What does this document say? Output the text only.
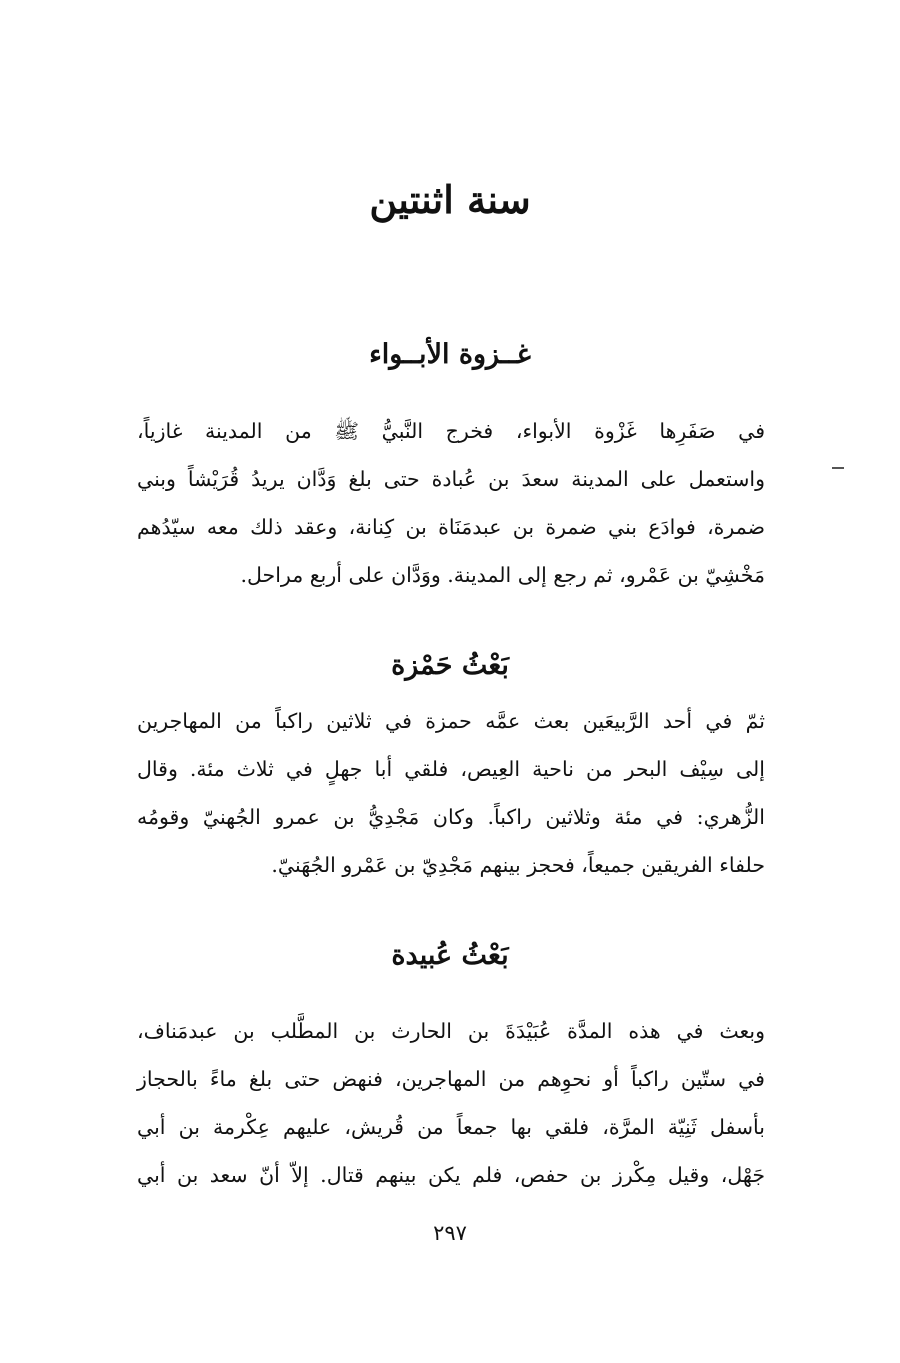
سنة اثنتين
غــزوة الأبــواء

في صَفَرِها غَزْوة الأبواء، فخرج النَّبيُّ ﷺ من المدينة غازياً،
واستعمل على المدينة سعدَ بن عُبادة حتى بلغ وَدَّان يريدُ قُرَيْشاً وبني
ضمرة، فوادَع بني ضمرة بن عبدمَنَاة بن كِنانة، وعقد ذلك معه سيّدُهم
مَخْشِيّ بن عَمْرو، ثم رجع إلى المدينة. ووَدَّان على أربع مراحل.

بَعْثُ حَمْزة

ثمّ في أحد الرَّبيعَين بعث عمَّه حمزة في ثلاثين راكباً من المهاجرين
إلى سِيْف البحر من ناحية العِيص، فلقي أبا جهلٍ في ثلاث مئة. وقال
الزُّهري: في مئة وثلاثين راكباً. وكان مَجْدِيُّ بن عمرو الجُهنيّ وقومُه
حلفاء الفريقين جميعاً، فحجز بينهم مَجْدِيّ بن عَمْرو الجُهَنيّ.

بَعْثُ عُبيدة

وبعث في هذه المدَّة عُبَيْدَةَ بن الحارث بن المطَّلب بن عبدمَناف،
في ستّين راكباً أو نحوِهم من المهاجرين، فنهض حتى بلغ ماءً بالحجاز
بأسفل ثَنِيّة المرَّة، فلقي بها جمعاً من قُريش، عليهم عِكْرمة بن أبي
جَهْل، وقيل مِكْرز بن حفص، فلم يكن بينهم قتال. إلاّ أنّ سعد بن أبي

٢٩٧
